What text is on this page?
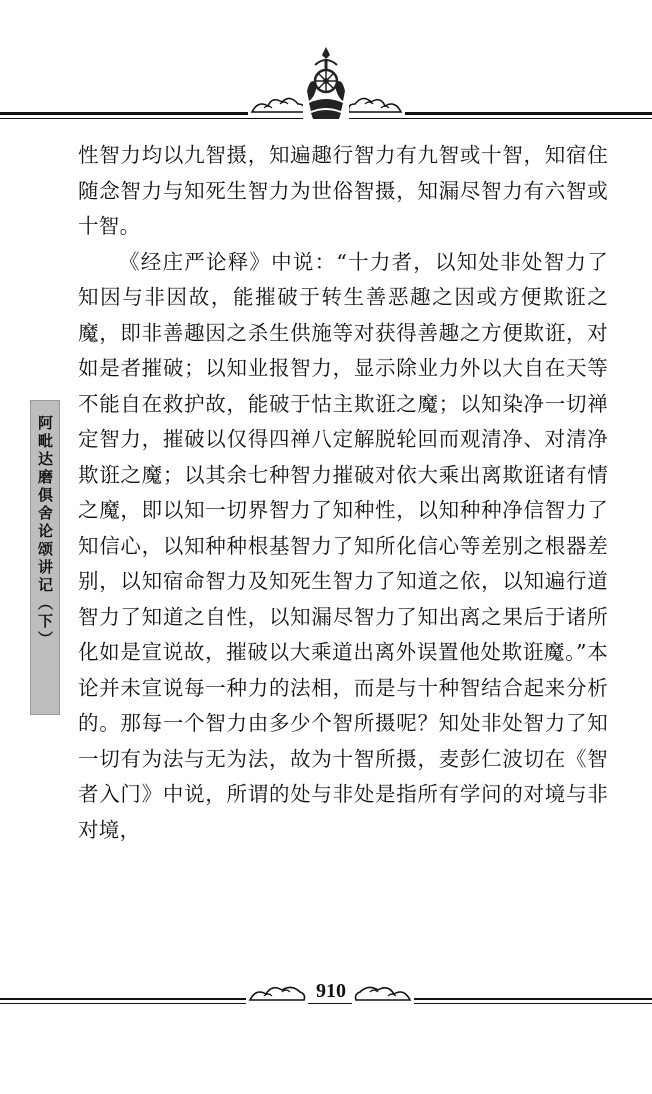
阿毗达磨俱舍论颂讲记（下）

性智力均以九智摄，知遍趣行智力有九智或十智，知宿住随念智力与知死生智力为世俗智摄，知漏尽智力有六智或十智。

《经庄严论释》中说：“十力者，以知处非处智力了知因与非因故，能摧破于转生善恶趣之因或方便欺诳之魔，即非善趣因之杀生供施等对获得善趣之方便欺诳，对如是者摧破；以知业报智力，显示除业力外以大自在天等不能自在救护故，能破于怙主欺诳之魔；以知染净一切禅定智力，摧破以仅得四禅八定解脱轮回而观清净、对清净欺诳之魔；以其余七种智力摧破对依大乘出离欺诳诸有情之魔，即以知一切界智力了知种性，以知种种净信智力了知信心，以知种种根基智力了知所化信心等差别之根器差别，以知宿命智力及知死生智力了知道之依，以知遍行道智力了知道之自性，以知漏尽智力了知出离之果后于诸所化如是宣说故，摧破以大乘道出离外误置他处欺诳魔。”本论并未宣说每一种力的法相，而是与十种智结合起来分析的。那每一个智力由多少个智所摄呢？知处非处智力了知一切有为法与无为法，故为十智所摄，麦彭仁波切在《智者入门》中说，所谓的处与非处是指所有学问的对境与非对境，

910
